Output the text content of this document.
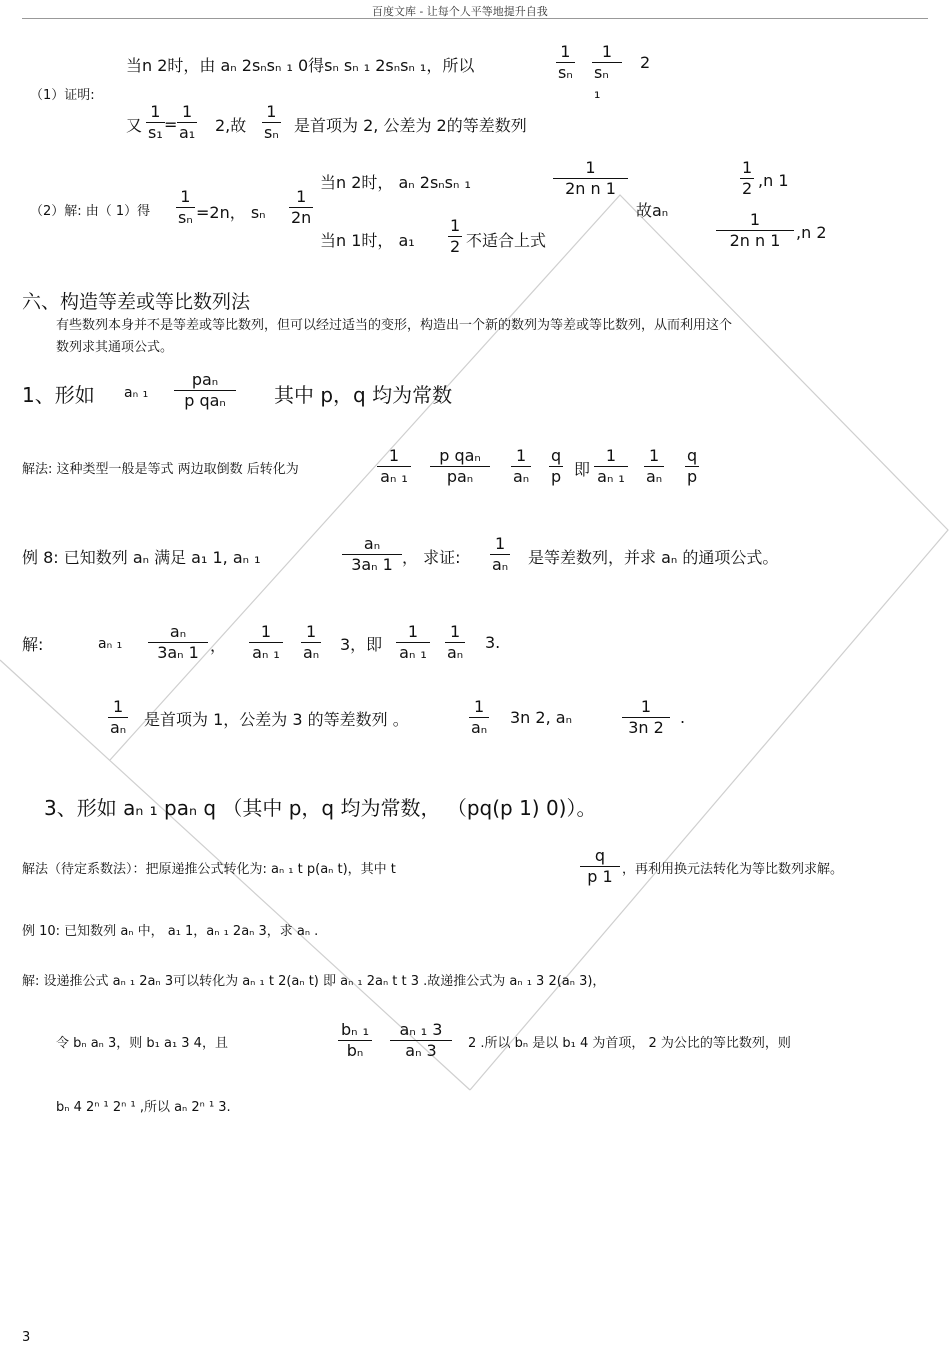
百度文库 - 让每个人平等地提升自我
（1）证明:
当n 2时，由 aₙ 2sₙsₙ ₁ 0得sₙ sₙ ₁ 2sₙsₙ ₁，所以
1
sₙ
1
sₙ ₁
2
又
1
s₁ =
1
a₁ 2,故
1
sₙ 是首项为 2, 公差为 2的等差数列
（2）解: 由（ 1）得
1
sₙ =2n， sₙ
1
2n
当n 2时， aₙ 2sₙsₙ ₁
1
2n n 1
当n 1时， a₁
1
2 不适合上式
故aₙ
1
2 ,n 1
1
2n n 1 ,n 2
六、构造等差或等比数列法
有些数列本身并不是等差或等比数列，但可以经过适当的变形，构造出一个新的数列为等差或等比数列，从而利用这个
数列求其通项公式。
1、形如 aₙ ₁
paₙ
p qaₙ 其中 p，q 均为常数
解法: 这种类型一般是等式 两边取倒数 后转化为
1
aₙ ₁
p qaₙ
paₙ
1
aₙ
q
p 即
1
aₙ ₁
1
aₙ
q
p
例 8: 已知数列 aₙ 满足 a₁ 1, aₙ ₁
aₙ
3aₙ 1 ， 求证:
1
aₙ 是等差数列，并求 aₙ 的通项公式。
解:	aₙ ₁
aₙ
3aₙ 1 ，
1
aₙ ₁
1
aₙ 3，即
1
aₙ ₁
1
aₙ
3.
1
aₙ 是首项为 1，公差为 3 的等差数列 。
1
aₙ
3n 2, aₙ
1
3n 2
.
3、形如 aₙ ₁ paₙ q （其中 p，q 均为常数， （pq(p 1) 0)）。
解法（待定系数法）：把原递推公式转化为: aₙ ₁ t p(aₙ t)，其中 t
q
p 1 ，再利用换元法转化为等比数列求解。
例 10: 已知数列 aₙ 中， a₁ 1，aₙ ₁ 2aₙ 3，求 aₙ .
解: 设递推公式 aₙ ₁ 2aₙ 3可以转化为 aₙ ₁ t 2(aₙ t) 即 aₙ ₁ 2aₙ t t 3 .故递推公式为 aₙ ₁ 3 2(aₙ 3)，
令 bₙ aₙ 3，则 b₁ a₁ 3 4，且
bₙ ₁
bₙ
aₙ ₁ 3
aₙ 3 2 .所以 bₙ 是以 b₁ 4 为首项， 2 为公比的等比数列，则
bₙ 4 2ⁿ ¹ 2ⁿ ¹ ,所以 aₙ 2ⁿ ¹ 3.
3
